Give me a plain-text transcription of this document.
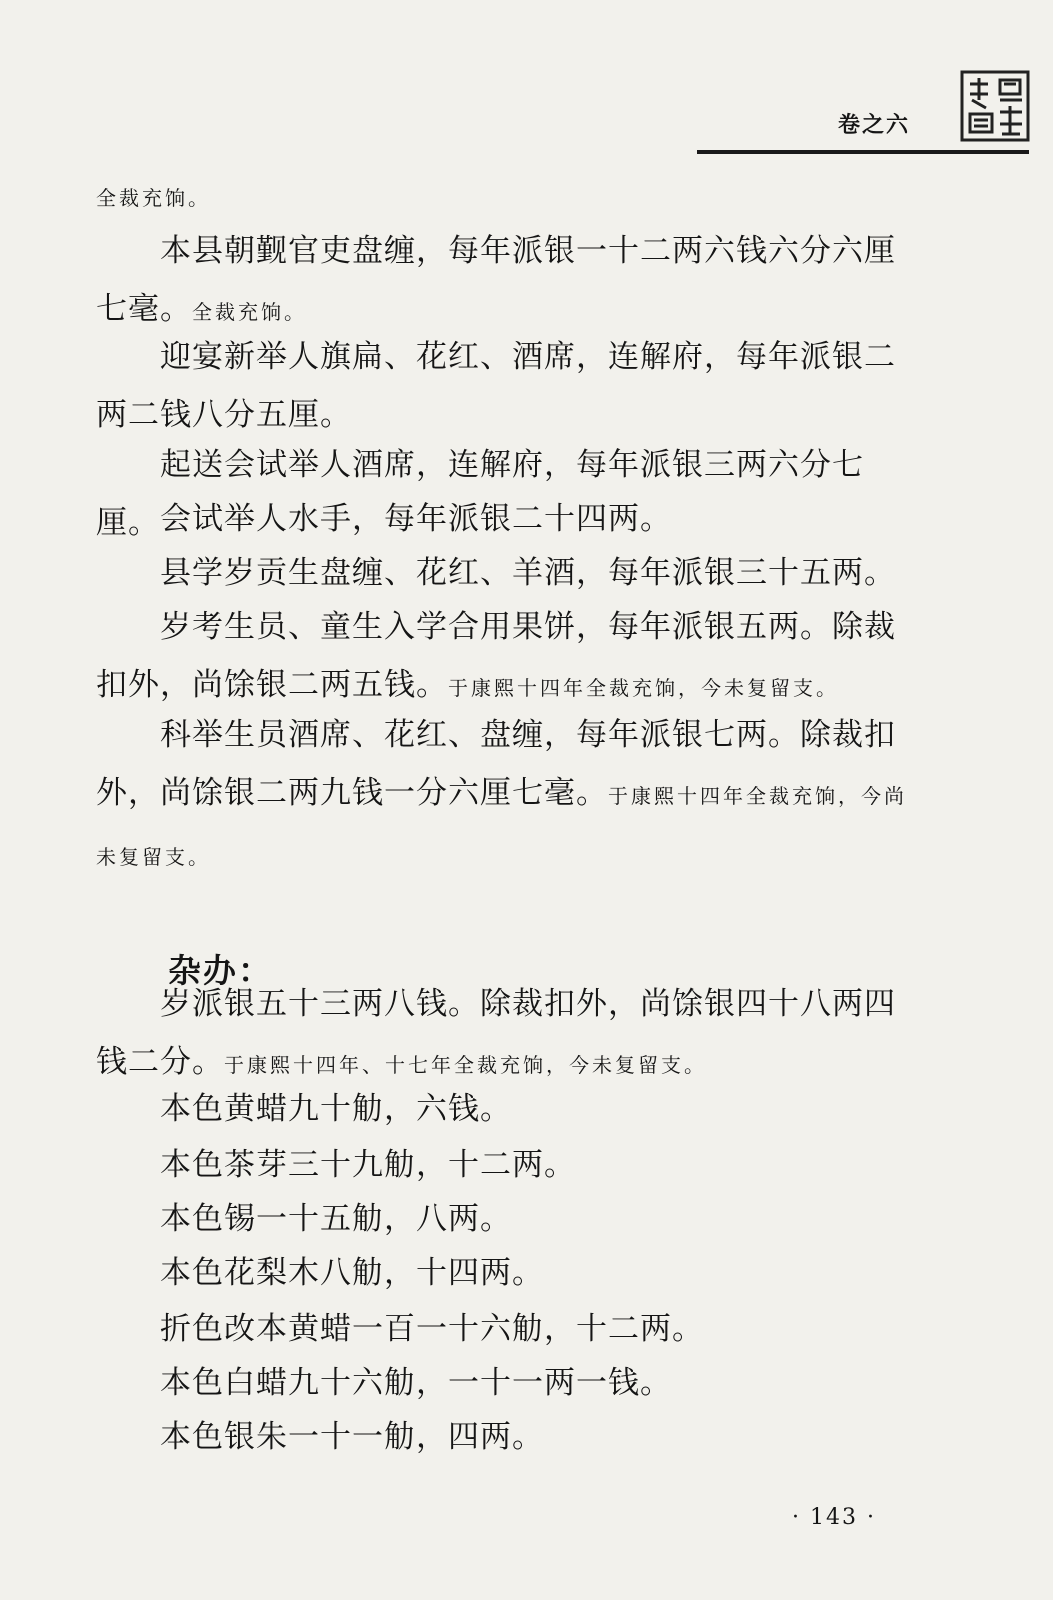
卷之六

全裁充饷。

本县朝觐官吏盘缠，每年派银一十二两六钱六分六厘七毫。全裁充饷。

迎宴新举人旗扁、花红、酒席，连解府，每年派银二两二钱八分五厘。

起送会试举人酒席，连解府，每年派银三两六分七厘。 会试举人水手，每年派银二十四两。

县学岁贡生盘缠、花红、羊酒，每年派银三十五两。

岁考生员、童生入学合用果饼，每年派银五两。除裁扣外，尚馀银二两五钱。于康熙十四年全裁充饷，今未复留支。

科举生员酒席、花红、盘缠，每年派银七两。除裁扣外，尚馀银二两九钱一分六厘七毫。于康熙十四年全裁充饷，今尚未复留支。

杂办：

岁派银五十三两八钱。除裁扣外，尚馀银四十八两四钱二分。于康熙十四年、十七年全裁充饷，今未复留支。

本色黄蜡九十觔，六钱。

本色茶芽三十九觔，十二两。

本色锡一十五觔，八两。

本色花梨木八觔，十四两。

折色改本黄蜡一百一十六觔，十二两。

本色白蜡九十六觔，一十一两一钱。

本色银朱一十一觔，四两。

· 143 ·
